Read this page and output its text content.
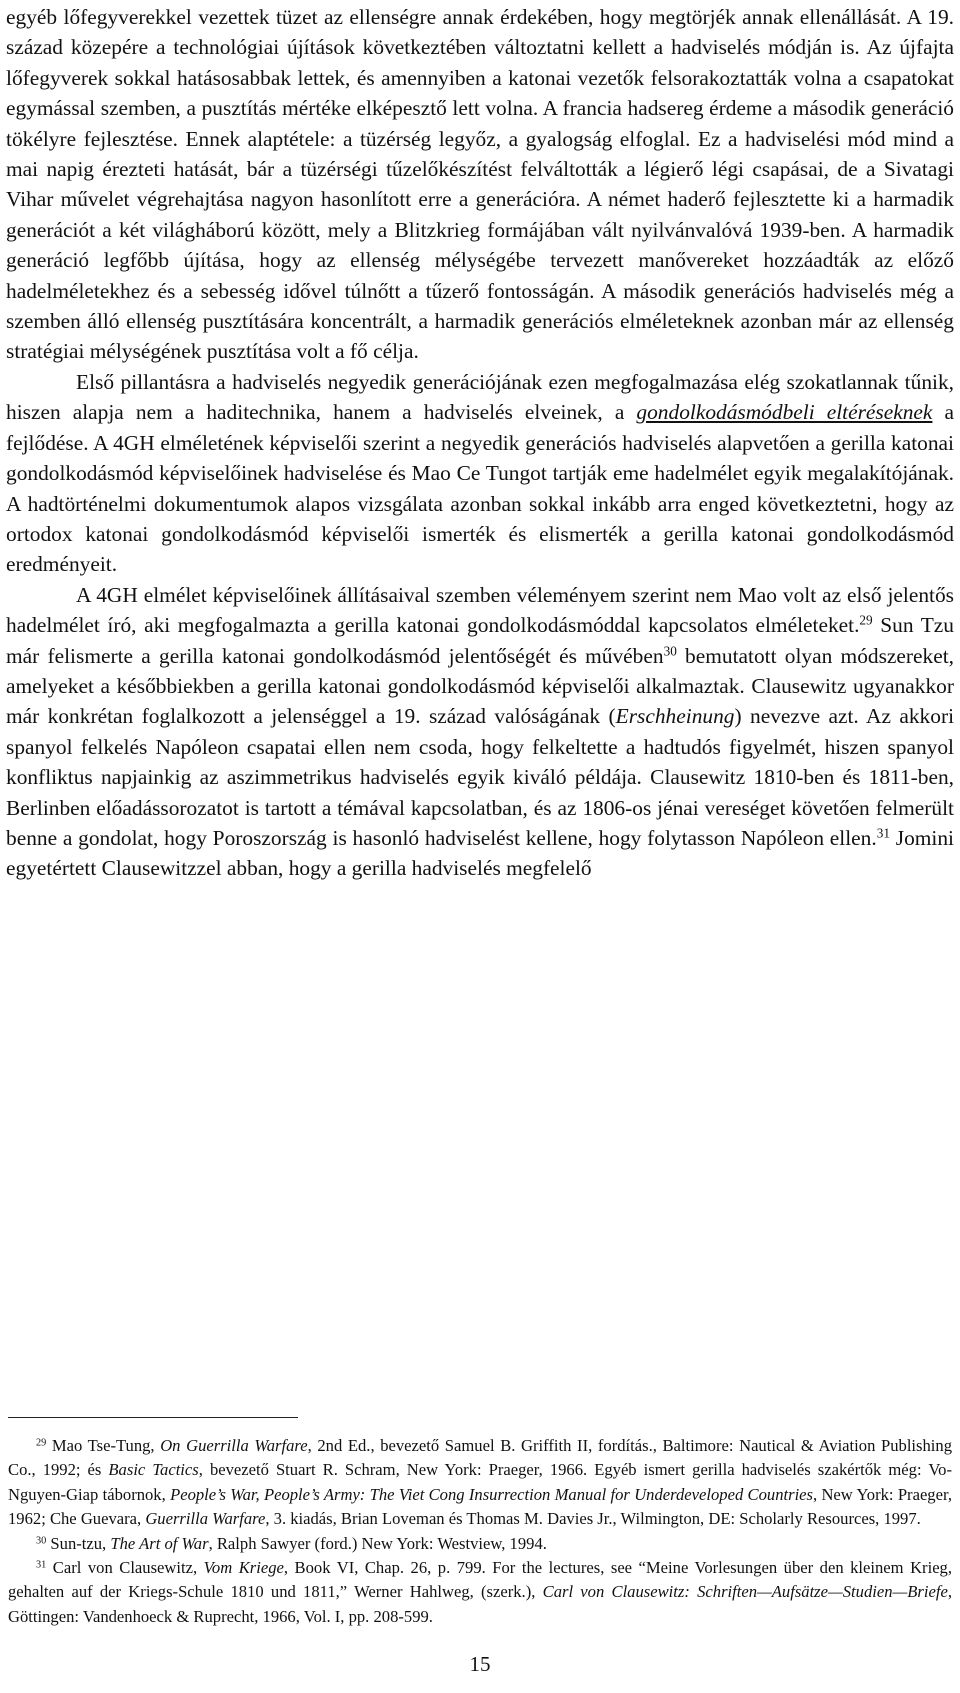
egyéb lőfegyverekkel vezettek tüzet az ellenségre annak érdekében, hogy megtörjék annak ellenállását. A 19. század közepére a technológiai újítások következtében változtatni kellett a hadviselés módján is. Az újfajta lőfegyverek sokkal hatásosabbak lettek, és amennyiben a katonai vezetők felsorakoztatták volna a csapatokat egymással szemben, a pusztítás mértéke elképesztő lett volna. A francia hadsereg érdeme a második generáció tökélyre fejlesztése. Ennek alaptétele: a tüzérség legyőz, a gyalogság elfoglal. Ez a hadviselési mód mind a mai napig érezteti hatását, bár a tüzérségi tűzelőkészítést felváltották a légierő légi csapásai, de a Sivatagi Vihar művelet végrehajtása nagyon hasonlított erre a generációra. A német haderő fejlesztette ki a harmadik generációt a két világháború között, mely a Blitzkrieg formájában vált nyilvánvalóvá 1939-ben. A harmadik generáció legfőbb újítása, hogy az ellenség mélységébe tervezett manővereket hozzáadták az előző hadelméletekhez és a sebesség idővel túlnőtt a tűzerő fontosságán. A második generációs hadviselés még a szemben álló ellenség pusztítására koncentrált, a harmadik generációs elméleteknek azonban már az ellenség stratégiai mélységének pusztítása volt a fő célja.

Első pillantásra a hadviselés negyedik generációjának ezen megfogalmazása elég szokatlannak tűnik, hiszen alapja nem a haditechnika, hanem a hadviselés elveinek, a gondolkodásmódbeli eltéréseknek a fejlődése. A 4GH elméletének képviselői szerint a negyedik generációs hadviselés alapvetően a gerilla katonai gondolkodásmód képviselőinek hadviselése és Mao Ce Tungot tartják eme hadelmélet egyik megalakítójának. A hadtörténelmi dokumentumok alapos vizsgálata azonban sokkal inkább arra enged következtetni, hogy az ortodox katonai gondolkodásmód képviselői ismerték és elismerték a gerilla katonai gondolkodásmód eredményeit.

A 4GH elmélet képviselőinek állításaival szemben véleményem szerint nem Mao volt az első jelentős hadelmélet író, aki megfogalmazta a gerilla katonai gondolkodásmóddal kapcsolatos elméleteket.$^{29}$ Sun Tzu már felismerte a gerilla katonai gondolkodásmód jelentőségét és művében$^{30}$ bemutatott olyan módszereket, amelyeket a későbbiekben a gerilla katonai gondolkodásmód képviselői alkalmaztak. Clausewitz ugyanakkor már konkrétan foglalkozott a jelenséggel a 19. század valóságának (Erschheinung) nevezve azt. Az akkori spanyol felkelés Napóleon csapatai ellen nem csoda, hogy felkeltette a hadtudós figyelmét, hiszen spanyol konfliktus napjainkig az aszimmetrikus hadviselés egyik kiváló példája. Clausewitz 1810-ben és 1811-ben, Berlinben előadássorozatot is tartott a témával kapcsolatban, és az 1806-os jénai vereséget követően felmerült benne a gondolat, hogy Poroszország is hasonló hadviselést kellene, hogy folytasson Napóleon ellen.$^{31}$ Jomini egyetértett Clausewitzzel abban, hogy a gerilla hadviselés megfelelő

$^{29}$ Mao Tse-Tung, On Guerrilla Warfare, 2nd Ed., bevezető Samuel B. Griffith II, fordítás., Baltimore: Nautical & Aviation Publishing Co., 1992; és Basic Tactics, bevezető Stuart R. Schram, New York: Praeger, 1966. Egyéb ismert gerilla hadviselés szakértők még: Vo-Nguyen-Giap tábornok, People’s War, People’s Army: The Viet Cong Insurrection Manual for Underdeveloped Countries, New York: Praeger, 1962; Che Guevara, Guerrilla Warfare, 3. kiadás, Brian Loveman és Thomas M. Davies Jr., Wilmington, DE: Scholarly Resources, 1997.

$^{30}$ Sun-tzu, The Art of War, Ralph Sawyer (ford.) New York: Westview, 1994.

$^{31}$ Carl von Clausewitz, Vom Kriege, Book VI, Chap. 26, p. 799. For the lectures, see “Meine Vorlesungen über den kleinem Krieg, gehalten auf der Kriegs-Schule 1810 und 1811,” Werner Hahlweg, (szerk.), Carl von Clausewitz: Schriften—Aufsätze—Studien—Briefe, Göttingen: Vandenhoeck & Ruprecht, 1966, Vol. I, pp. 208-599.

15
